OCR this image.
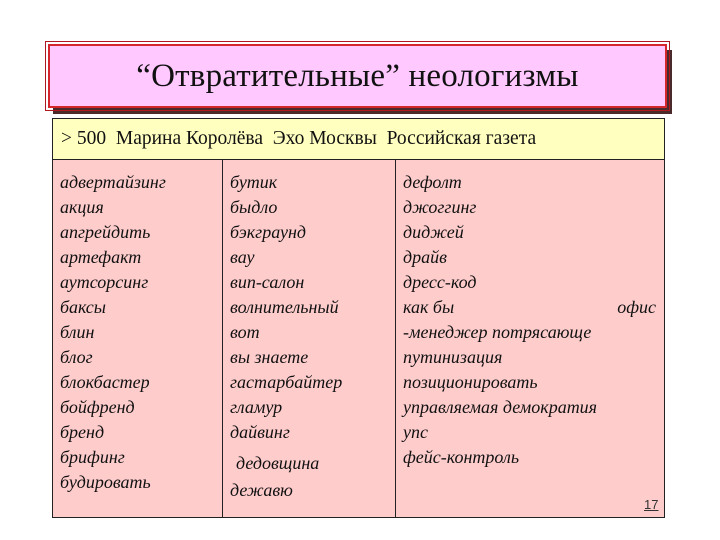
“Отвратительные” неологизмы
> 500  Марина Королёва  Эхо Москвы  Российская газета
адвертайзинг
акция
апгрейдить
артефакт
аутсорсинг
баксы
блин
блог
блокбастер
бойфренд
бренд
брифинг
будировать
бутик
быдло
бэкграунд
вау
вип-салон
волнительный
вот
вы знаете
гастарбайтер
гламур
дайвинг
дедовщина
дежавю
дефолт
джоггинг
диджей
драйв
дресс-код
как бы	офис
-менеджер потрясающе
путинизация
позиционировать
управляемая демократия
упс
фейс-контроль
17
